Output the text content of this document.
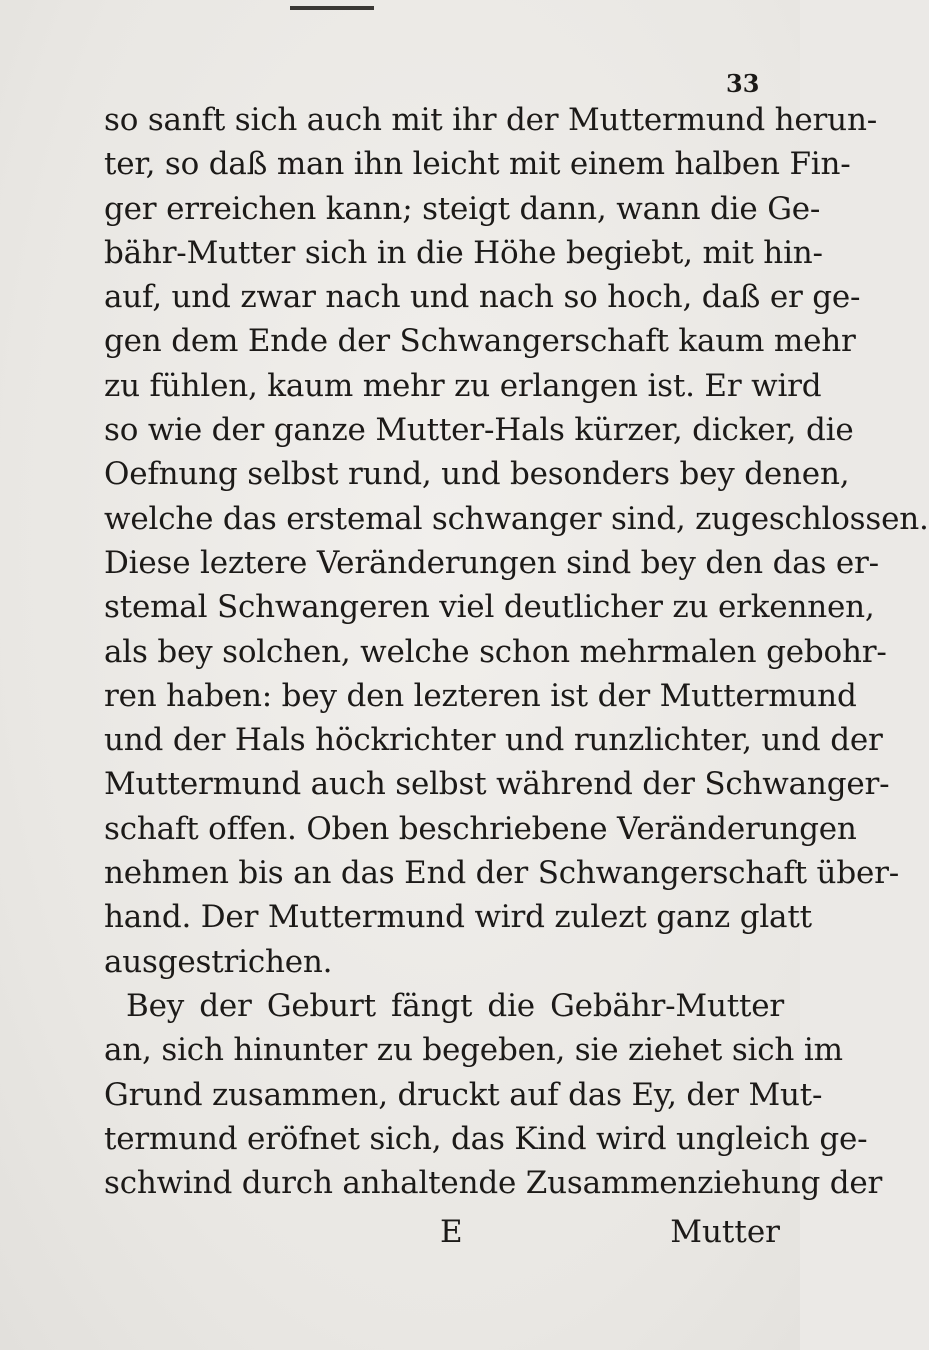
33
so sanft sich auch mit ihr der Muttermund herun-
ter, so daß man ihn leicht mit einem halben Fin-
ger erreichen kann; steigt dann, wann die Ge-
bähr-Mutter sich in die Höhe begiebt, mit hin-
auf, und zwar nach und nach so hoch, daß er ge-
gen dem Ende der Schwangerschaft kaum mehr
zu fühlen, kaum mehr zu erlangen ist. Er wird
so wie der ganze Mutter-Hals kürzer, dicker, die
Oefnung selbst rund, und besonders bey denen,
welche das erstemal schwanger sind, zugeschlossen.
Diese leztere Veränderungen sind bey den das er-
stemal Schwangeren viel deutlicher zu erkennen,
als bey solchen, welche schon mehrmalen gebohr-
ren haben: bey den lezteren ist der Muttermund
und der Hals höckrichter und runzlichter, und der
Muttermund auch selbst während der Schwanger-
schaft offen. Oben beschriebene Veränderungen
nehmen bis an das End der Schwangerschaft über-
hand. Der Muttermund wird zulezt ganz glatt
ausgestrichen.
Bey der Geburt fängt die Gebähr-Mutter
an, sich hinunter zu begeben, sie ziehet sich im
Grund zusammen, druckt auf das Ey, der Mut-
termund eröfnet sich, das Kind wird ungleich ge-
schwind durch anhaltende Zusammenziehung der
E	Mutter
